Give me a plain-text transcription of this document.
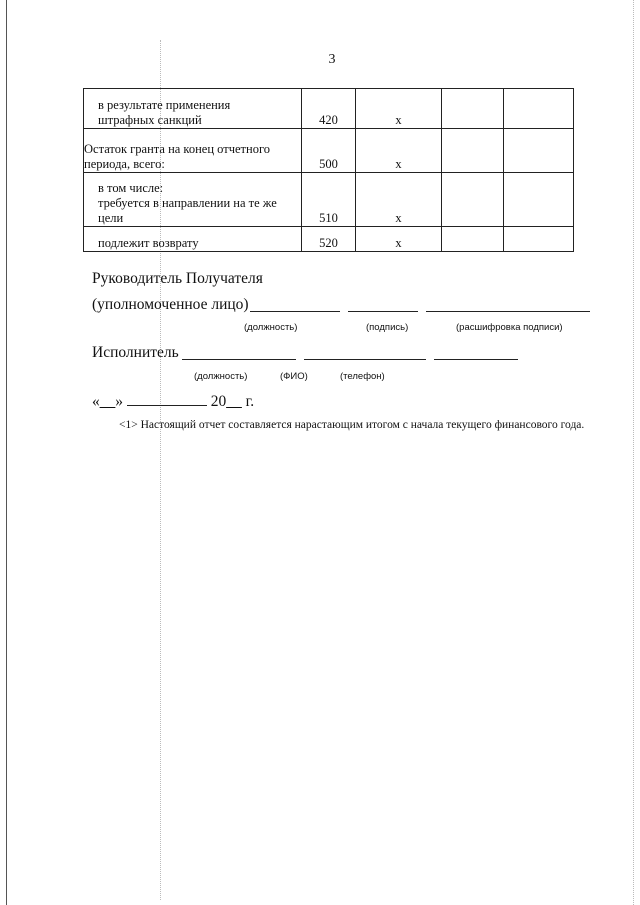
3
в результате применения
штрафных санкций	420	х		

Остаток гранта на конец отчетного
периода, всего:	500	х		

в том числе:
требуется в направлении на те же
цели	510	х		

подлежит возврату	520	х		
Руководитель Получателя
(уполномоченное лицо)
(должность)	(подпись)	(расшифровка подписи)
Исполнитель
(должность)	(ФИО)	(телефон)
«__»	20__ г.
<1> Настоящий отчет составляется нарастающим итогом с начала текущего финансового года.
